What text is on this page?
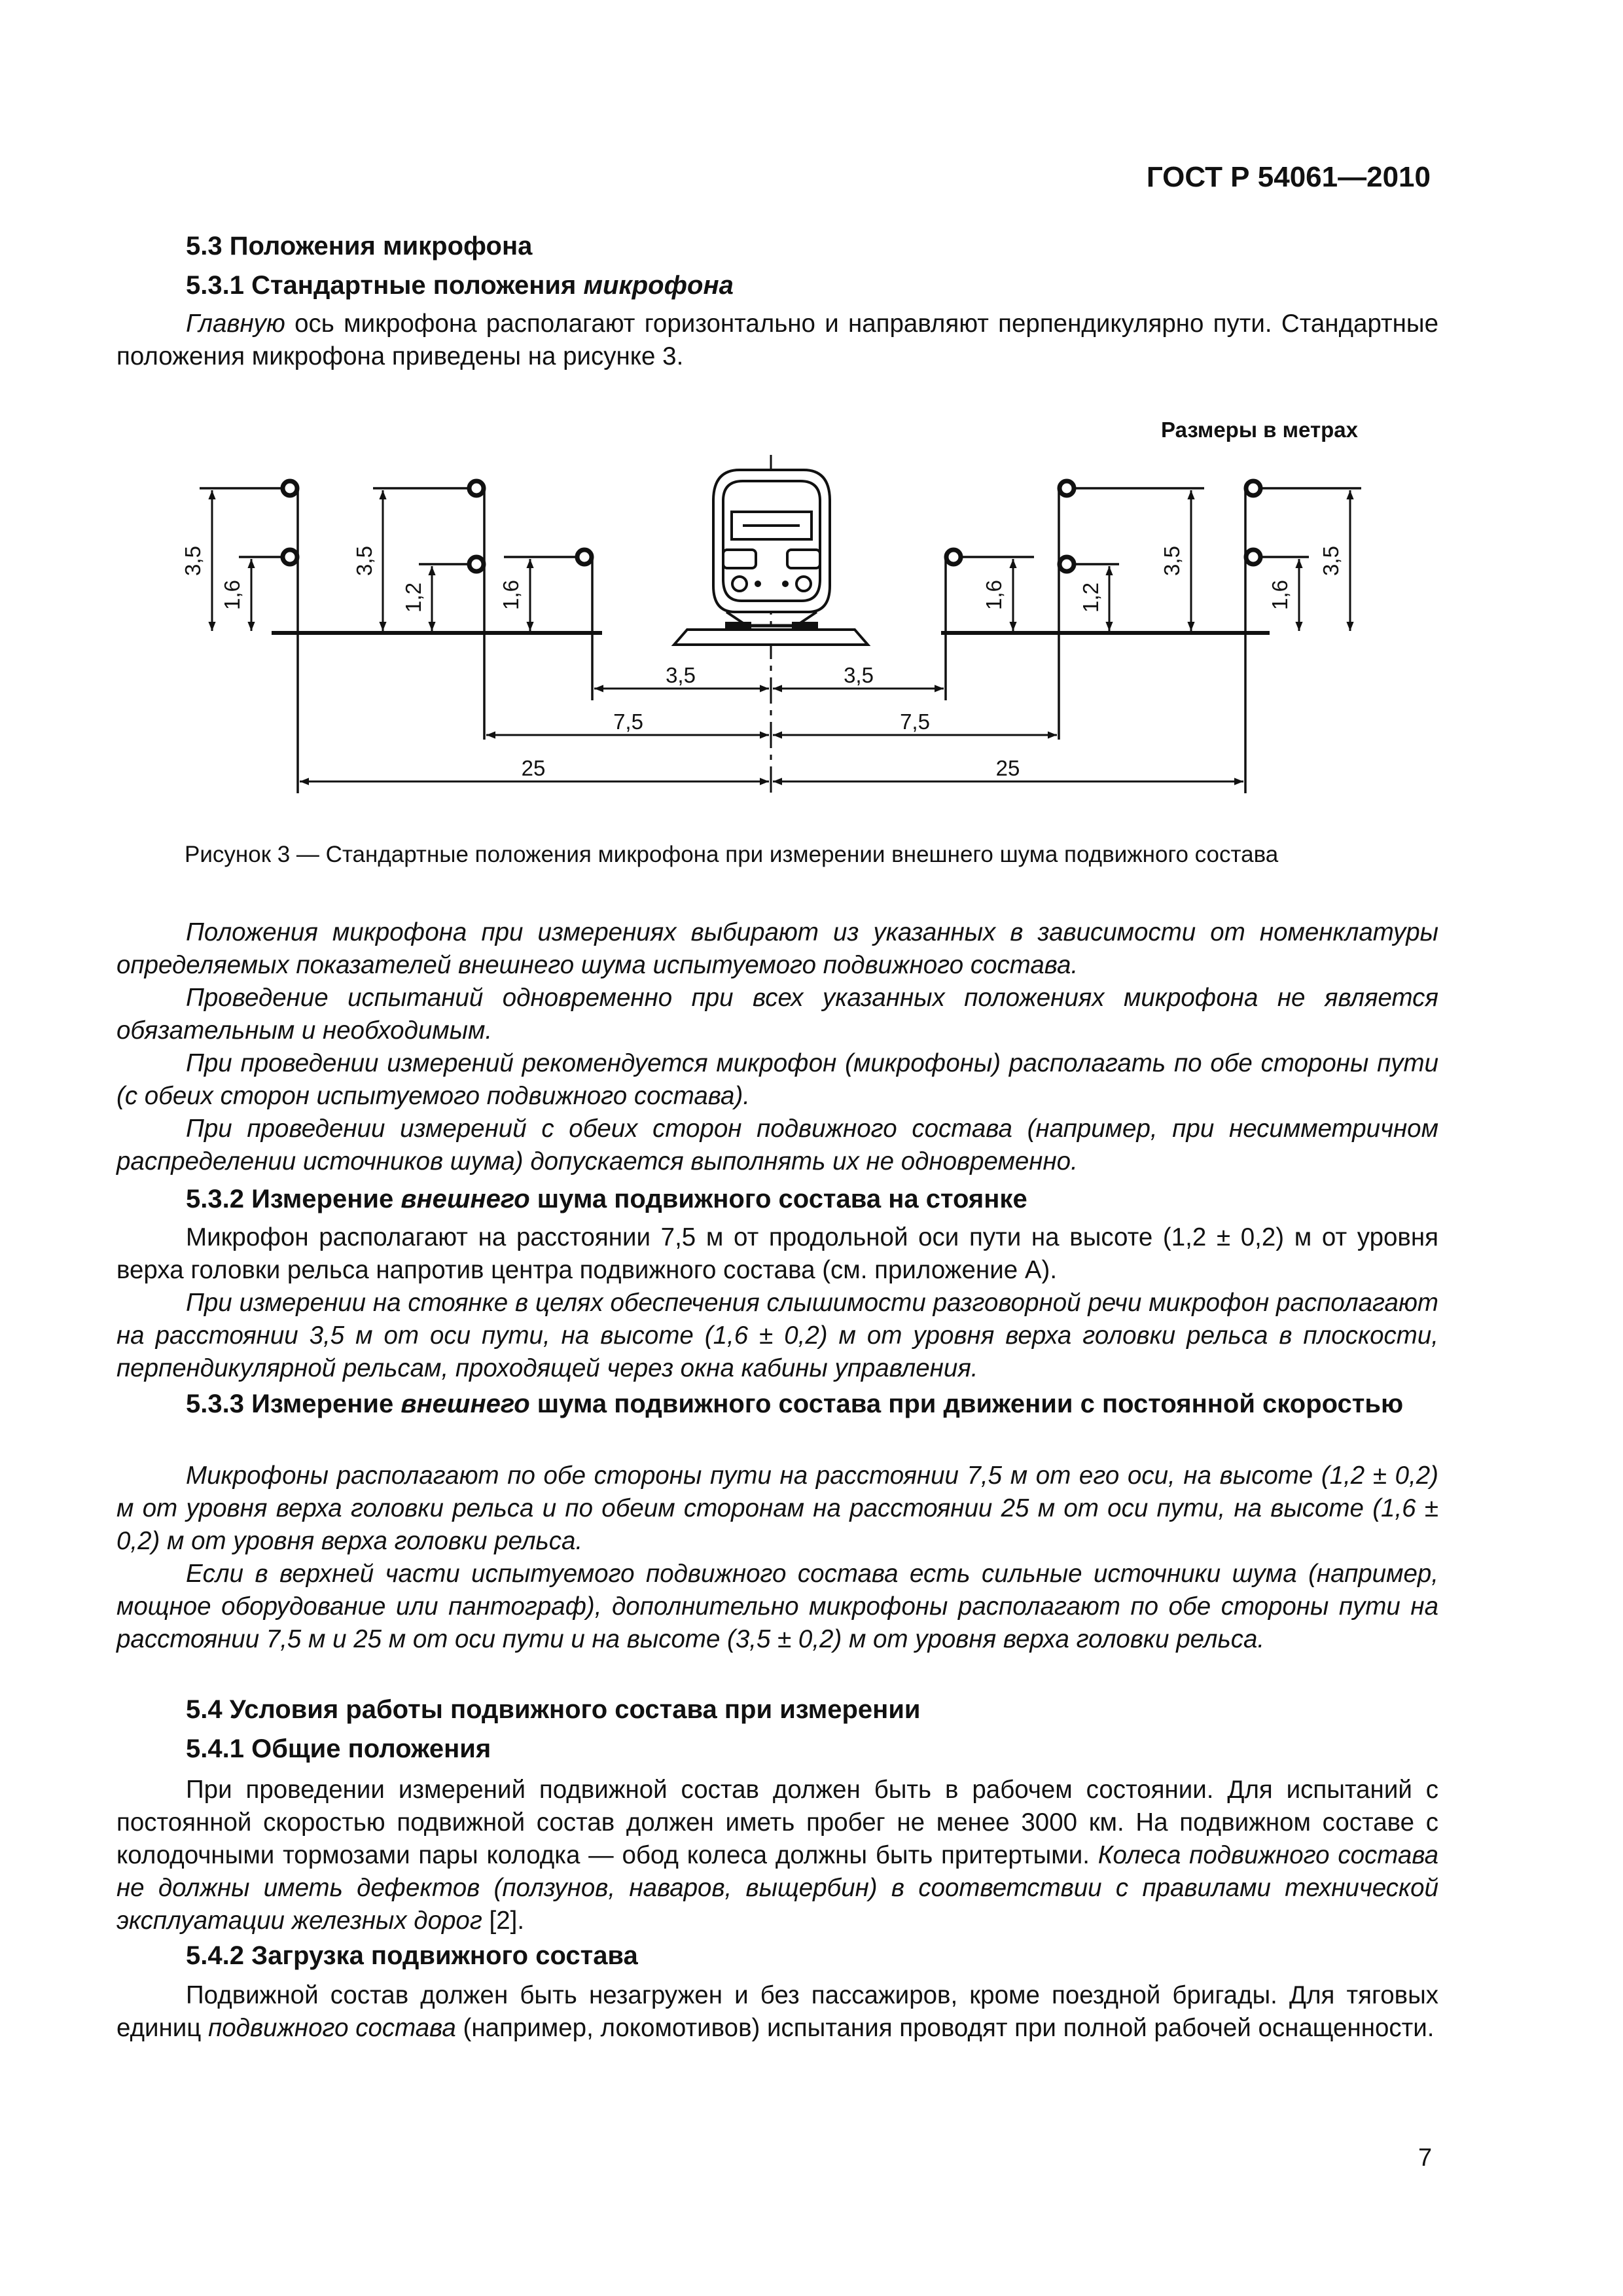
ГОСТ Р 54061—2010
5.3 Положения микрофона
5.3.1 Стандартные положения микрофона
Главную ось микрофона располагают горизонтально и направляют перпендикулярно пути. Стандартные положения микрофона приведены на рисунке 3.
Размеры в метрах
3,5
1,6
3,5
1,2	1,6	1,6	1,2
3,5
1,6
3,5
3,5	3,5
7,5	7,5
25	25
Рисунок 3 — Стандартные положения микрофона при измерении внешнего шума подвижного состава
Положения микрофона при измерениях выбирают из указанных в зависимости от номенклатуры определяемых показателей внешнего шума испытуемого подвижного состава.
Проведение испытаний одновременно при всех указанных положениях микрофона не является обязательным и необходимым.
При проведении измерений рекомендуется микрофон (микрофоны) располагать по обе стороны пути (с обеих сторон испытуемого подвижного состава).
При проведении измерений с обеих сторон подвижного состава (например, при несимметричном распределении источников шума) допускается выполнять их не одновременно.
5.3.2 Измерение внешнего шума подвижного состава на стоянке
Микрофон располагают на расстоянии 7,5 м от продольной оси пути на высоте (1,2 ± 0,2) м от уровня верха головки рельса напротив центра подвижного состава (см. приложение А).
При измерении на стоянке в целях обеспечения слышимости разговорной речи микрофон располагают на расстоянии 3,5 м от оси пути, на высоте (1,6 ± 0,2) м от уровня верха головки рельса в плоскости, перпендикулярной рельсам, проходящей через окна кабины управления.
5.3.3 Измерение внешнего шума подвижного состава при движении с постоянной скоростью
Микрофоны располагают по обе стороны пути на расстоянии 7,5 м от его оси, на высоте (1,2 ± 0,2) м от уровня верха головки рельса и по обеим сторонам на расстоянии 25 м от оси пути, на высоте (1,6 ± 0,2) м от уровня верха головки рельса.
Если в верхней части испытуемого подвижного состава есть сильные источники шума (например, мощное оборудование или пантограф), дополнительно микрофоны располагают по обе стороны пути на расстоянии 7,5 м и 25 м от оси пути и на высоте (3,5 ± 0,2) м от уровня верха головки рельса.
5.4 Условия работы подвижного состава при измерении
5.4.1 Общие положения
При проведении измерений подвижной состав должен быть в рабочем состоянии. Для испытаний с постоянной скоростью подвижной состав должен иметь пробег не менее 3000 км. На подвижном составе с колодочными тормозами пары колодка — обод колеса должны быть притертыми. Колеса подвижного состава не должны иметь дефектов (ползунов, наваров, выщербин) в соответствии с правилами технической эксплуатации железных дорог [2].
5.4.2 Загрузка подвижного состава
Подвижной состав должен быть незагружен и без пассажиров, кроме поездной бригады. Для тяговых единиц подвижного состава (например, локомотивов) испытания проводят при полной рабочей оснащенности.
7
